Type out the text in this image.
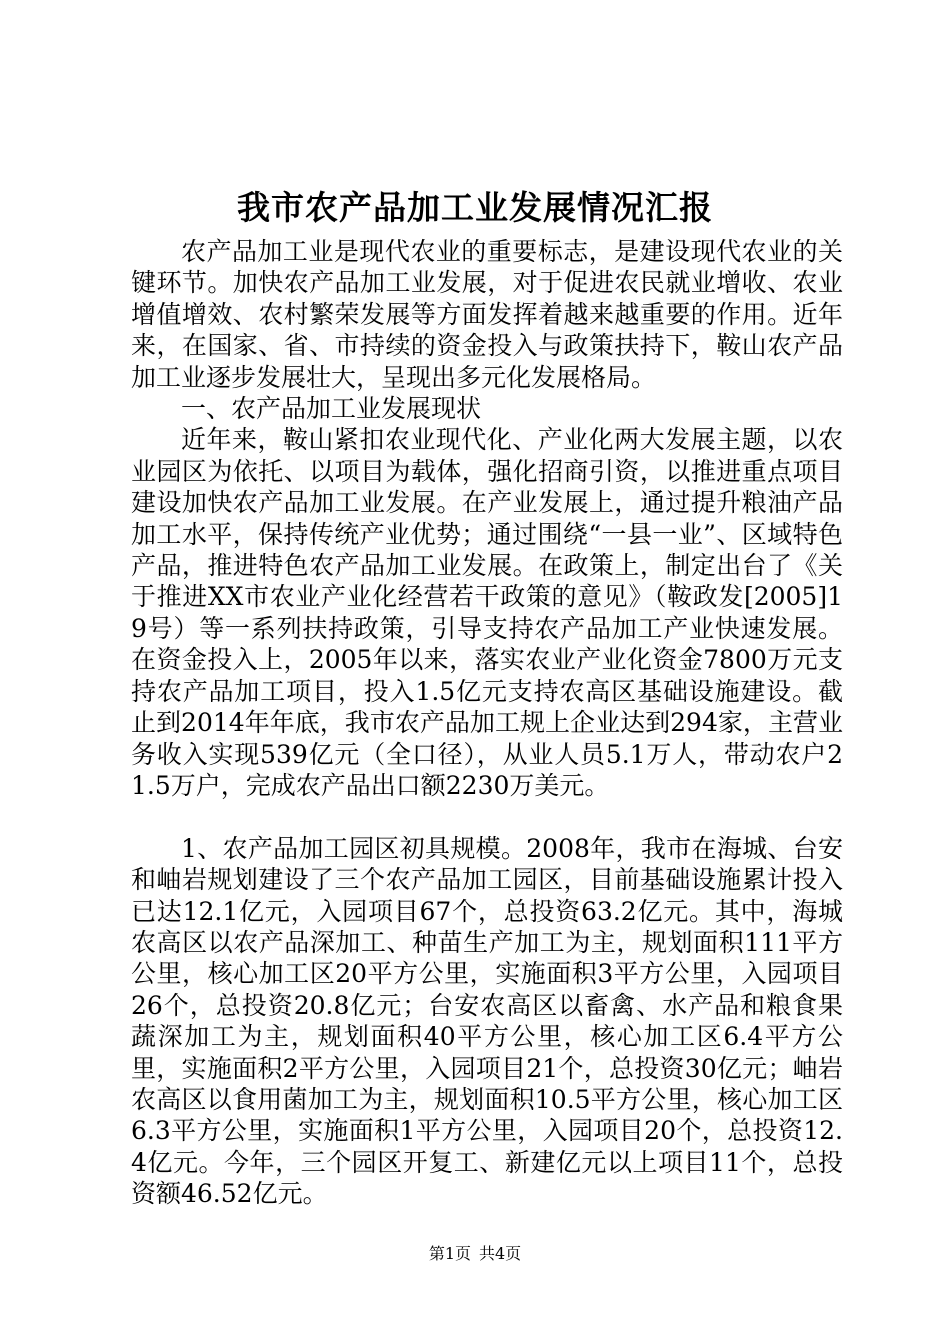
我市农产品加工业发展情况汇报

农产品加工业是现代农业的重要标志，是建设现代农业的关键环节。加快农产品加工业发展，对于促进农民就业增收、农业增值增效、农村繁荣发展等方面发挥着越来越重要的作用。近年来，在国家、省、市持续的资金投入与政策扶持下，鞍山农产品加工业逐步发展壮大，呈现出多元化发展格局。

一、农产品加工业发展现状

近年来，鞍山紧扣农业现代化、产业化两大发展主题，以农业园区为依托、以项目为载体，强化招商引资，以推进重点项目建设加快农产品加工业发展。在产业发展上，通过提升粮油产品加工水平，保持传统产业优势；通过围绕“一县一业”、区域特色产品，推进特色农产品加工业发展。在政策上，制定出台了《关于推进XX市农业产业化经营若干政策的意见》（鞍政发[2005]19号）等一系列扶持政策，引导支持农产品加工产业快速发展。在资金投入上，2005年以来，落实农业产业化资金7800万元支持农产品加工项目，投入1.5亿元支持农高区基础设施建设。截止到2014年年底，我市农产品加工规上企业达到294家，主营业务收入实现539亿元（全口径），从业人员5.1万人，带动农户21.5万户，完成农产品出口额2230万美元。

1、农产品加工园区初具规模。2008年，我市在海城、台安和岫岩规划建设了三个农产品加工园区，目前基础设施累计投入已达12.1亿元，入园项目67个，总投资63.2亿元。其中，海城农高区以农产品深加工、种苗生产加工为主，规划面积111平方公里，核心加工区20平方公里，实施面积3平方公里，入园项目26个，总投资20.8亿元；台安农高区以畜禽、水产品和粮食果蔬深加工为主，规划面积40平方公里，核心加工区6.4平方公里，实施面积2平方公里，入园项目21个，总投资30亿元；岫岩农高区以食用菌加工为主，规划面积10.5平方公里，核心加工区6.3平方公里，实施面积1平方公里，入园项目20个，总投资12.4亿元。今年，三个园区开复工、新建亿元以上项目11个，总投资额46.52亿元。

第1页 共4页
